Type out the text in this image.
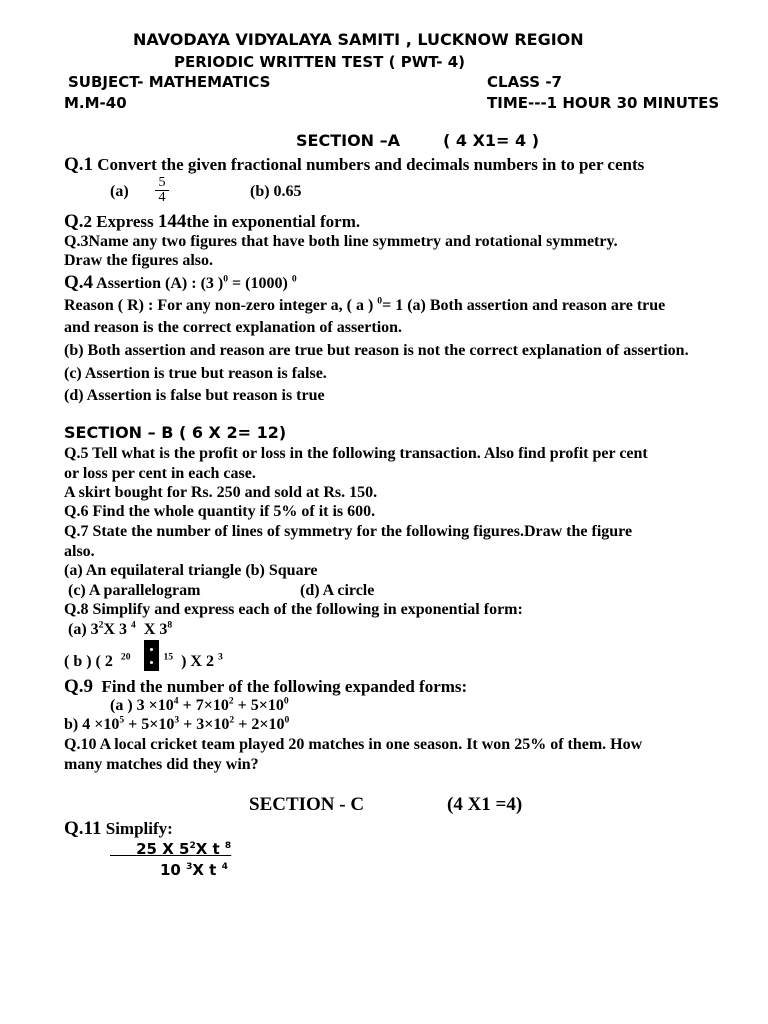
NAVODAYA VIDYALAYA SAMITI , LUCKNOW REGION
PERIODIC WRITTEN TEST ( PWT- 4)
SUBJECT- MATHEMATICS	CLASS -7
M.M-40	TIME---1 HOUR 30 MINUTES
SECTION –A	( 4 X1= 4 )
Q.1 Convert the given fractional numbers and decimals numbers in to per cents
$(a) \frac{5}{4}$	(b) 0.65
Q.2 Express 144the in exponential form.
Q.3Name any two figures that have both line symmetry and rotational symmetry.
Draw the figures also.
Q.4 Assertion (A) : (3 )$^0$ = (1000) $^0$
Reason ( R) : For any non-zero integer a, ( a ) $^0$= 1 (a) Both assertion and reason are true
and reason is the correct explanation of assertion.
(b) Both assertion and reason are true but reason is not the correct explanation of assertion.
(c) Assertion is true but reason is false.
(d) Assertion is false but reason is true
SECTION – B ( 6 X 2= 12)
Q.5 Tell what is the profit or loss in the following transaction. Also find profit per cent
or loss per cent in each case.
A skirt bought for Rs. 250 and sold at Rs. 150.
Q.6 Find the whole quantity if 5% of it is 600.
Q.7 State the number of lines of symmetry for the following figures.Draw the figure
also.
(a) An equilateral triangle (b) Square
(c) A parallelogram	(d) A circle
Q.8 Simplify and express each of the following in exponential form:
(a) $3^2X$ 3 $^4$ X $3^8$
( b ) ( 2 $^{20}$	$^{15}$ ) X 2 $^3$
Q.9 Find the number of the following expanded forms:
(a ) $3 \times 10^4 + 7\times 10^2 + 5\times 10^0$
b) $4 \times 10^5 + 5\times 10^3 + 3\times 10^2 + 2\times 10^0$
Q.10 A local cricket team played 20 matches in one season. It won 25% of them. How
many matches did they win?
SECTION - C	(4 X1 =4)
Q.11 Simplify:
25 X $5^2X$ t $^8$
10 $^3$X t $^4$
